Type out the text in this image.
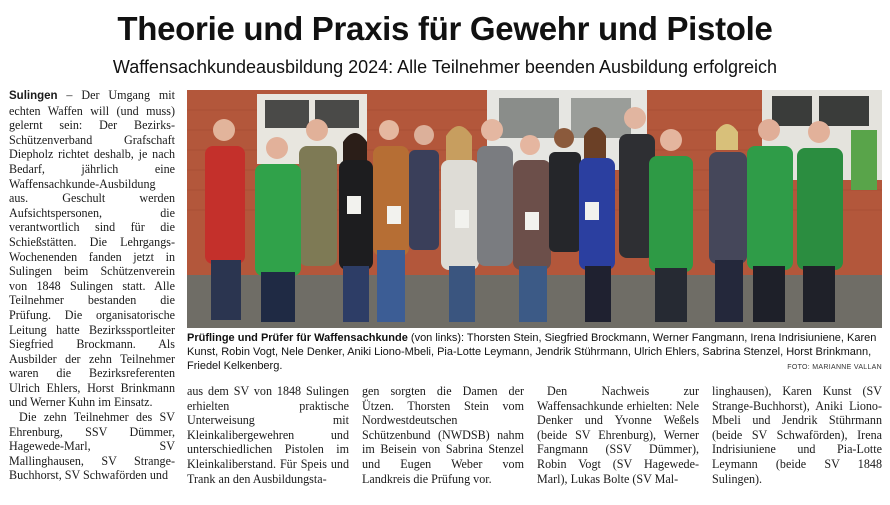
Theorie und Praxis für Gewehr und Pistole
Waffensachkundeausbildung 2024: Alle Teilnehmer beenden Ausbildung erfolgreich

Sulingen – Der Umgang mit echten Waffen will (und muss) gelernt sein: Der Bezirks-Schützenverband Grafschaft Diepholz richtet deshalb, je nach Bedarf, jährlich eine Waffensachkunde-Ausbildung aus. Geschult werden Aufsichtspersonen, die verantwortlich sind für die Schießstätten. Die Lehrgangs-Wochenenden fanden jetzt in Sulingen beim Schützenverein von 1848 Sulingen statt. Alle Teilnehmer bestanden die Prüfung. Die organisatorische Leitung hatte Bezirkssportleiter Siegfried Brockmann. Als Ausbilder der zehn Teilnehmer waren die Bezirksreferenten Ulrich Ehlers, Horst Brinkmann und Werner Kuhn im Einsatz.

Die zehn Teilnehmer des SV Ehrenburg, SSV Dümmer, Hagewede-Marl, SV Mallinghausen, SV Strange-Buchhorst, SV Schwaförden und

Prüflinge und Prüfer für Waffensachkunde (von links): Thorsten Stein, Siegfried Brockmann, Werner Fangmann, Irena Indrisiuniene, Karen Kunst, Robin Vogt, Nele Denker, Aniki Liono-Mbeli, Pia-Lotte Leymann, Jendrik Stührmann, Ulrich Ehlers, Sabrina Stenzel, Horst Brinkmann, Friedel Kelkenberg.	FOTO: MARIANNE VALLAN

aus dem SV von 1848 Sulingen erhielten praktische Unterweisung mit Kleinkalibergewehren und unterschiedlichen Pistolen im Kleinkaliberstand. Für Speis und Trank an den Ausbildungsta-

gen sorgten die Damen der Ützen. Thorsten Stein vom Nordwestdeutschen Schützenbund (NWDSB) nahm im Beisein von Sabrina Stenzel und Eugen Weber vom Landkreis die Prüfung vor.

Den Nachweis zur Waffensachkunde erhielten: Nele Denker und Yvonne Weßels (beide SV Ehrenburg), Werner Fangmann (SSV Dümmer), Robin Vogt (SV Hagewede-Marl), Lukas Bolte (SV Mal-

linghausen), Karen Kunst (SV Strange-Buchhorst), Aniki Liono-Mbeli und Jendrik Stührmann (beide SV Schwaförden), Irena Indrisiuniene und Pia-Lotte Leymann (beide SV 1848 Sulingen).
